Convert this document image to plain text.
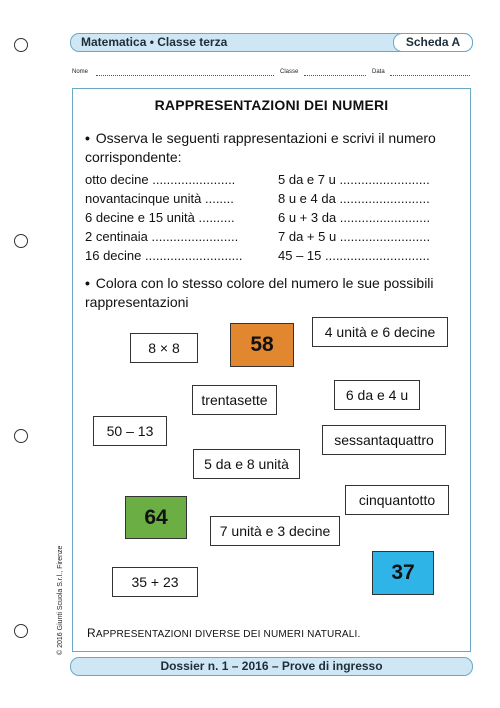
Matematica • Classe terza	Scheda A
Nome	Classe	Data
RAPPRESENTAZIONI DEI NUMERI
• Osserva le seguenti rappresentazioni e scrivi il numero corrispondente:
otto decine .......................
novantacinque unità ........
6 decine e 15 unità ..........
2 centinaia ........................
16 decine ...........................
5 da e 7 u .........................
8 u e 4 da .........................
6 u + 3 da .........................
7 da + 5 u .........................
45 – 15 .............................
• Colora con lo stesso colore del numero le sue possibili rappresentazioni
8 × 8
4 unità e 6 decine
trentasette	6 da e 4 u
50 – 13
sessantaquattro
5 da e 8 unità
cinquantotto
7 unità e 3 decine
35 + 23
58
64
37
RAPPRESENTAZIONI DIVERSE DEI NUMERI NATURALI.
© 2016 Giunti Scuola S.r.l., Firenze
Dossier n. 1 – 2016 – Prove di ingresso
